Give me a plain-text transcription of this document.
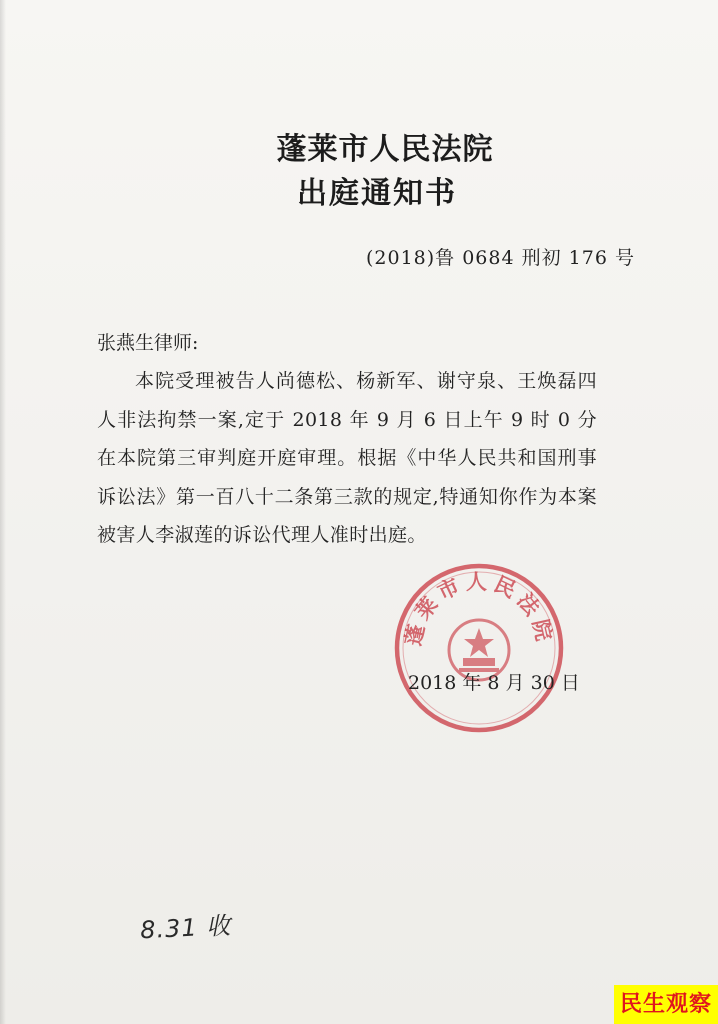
蓬莱市人民法院
出庭通知书
(2018)鲁 0684 刑初 176 号
张燕生律师:
本院受理被告人尚德松、杨新军、谢守泉、王焕磊四人非法拘禁一案,定于 2018 年 9 月 6 日上午 9 时 0 分在本院第三审判庭开庭审理。根据《中华人民共和国刑事诉讼法》第一百八十二条第三款的规定,特通知你作为本案被害人李淑莲的诉讼代理人准时出庭。
蓬莱市人民法院
2018 年 8 月 30 日
8.31 收
民生观察
